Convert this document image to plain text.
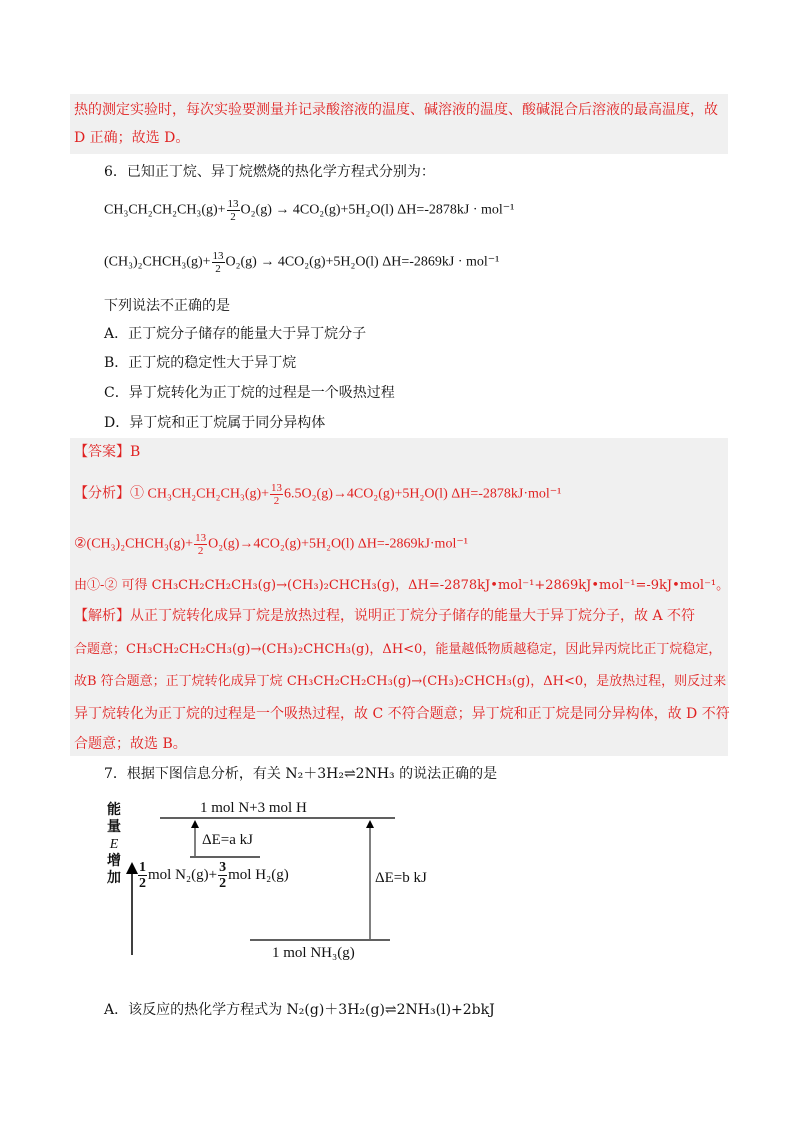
热的测定实验时，每次实验要测量并记录酸溶液的温度、碱溶液的温度、酸碱混合后溶液的最高温度，故
D 正确；故选 D。
6．已知正丁烷、异丁烷燃烧的热化学方程式分别为：
$CH_3CH_2CH_2CH_3(g)+ \frac{13}{2} O_2(g) \to 4CO_2(g)+5H_2O(l) \Delta H=-2878kJ \cdot mol^{-1}$
(CH₃)₂CHCH₃(g)+ $\frac{13}{2} O_2(g) \to 4CO_2(g)+5H_2O(l) \Delta H=-2869kJ \cdot mol^{-1}$
下列说法不正确的是
A．正丁烷分子储存的能量大于异丁烷分子
B．正丁烷的稳定性大于异丁烷
C．异丁烷转化为正丁烷的过程是一个吸热过程
D．异丁烷和正丁烷属于同分异构体
【答案】B
【分析】① $CH_3CH_2CH_2CH_3(g)+ \frac{13}{2} 6.5O_2(g)\to 4CO_2(g)+5H_2O(l)$ ΔH=-2878kJ·mol⁻¹
②(CH₃)₂CHCH₃(g)+ $\frac{13}{2} O_2(g)\to 4CO_2(g)+5H_2O(l)$ ΔH=-2869kJ·mol⁻¹
由①-② 可得 CH₃CH₂CH₂CH₃(g)→(CH₃)₂CHCH₃(g)，ΔH=-2878kJ•mol⁻¹+2869kJ•mol⁻¹=-9kJ•mol⁻¹。
【解析】从正丁烷转化成异丁烷是放热过程，说明正丁烷分子储存的能量大于异丁烷分子，故 A 不符
合题意；CH₃CH₂CH₂CH₃(g)→(CH₃)₂CHCH₃(g)，ΔH<0，能量越低物质越稳定，因此异丙烷比正丁烷稳定，
故B 符合题意；正丁烷转化成异丁烷 CH₃CH₂CH₂CH₃(g)→(CH₃)₂CHCH₃(g)，ΔH<0，是放热过程，则反过来
异丁烷转化为正丁烷的过程是一个吸热过程，故 C 不符合题意；异丁烷和正丁烷是同分异构体，故 D 不符
合题意；故选 B。
7．根据下图信息分析，有关 N₂＋3H₂⇌2NH₃ 的说法正确的是
能
量
E
增
加
1 mol N+3 mol H
ΔE=a kJ
$\frac{1}{2}$ mol $N_2(g)+ \frac{3}{2}$ mol H₂(g)	ΔE=b kJ
1 mol NH₃(g)
A．该反应的热化学方程式为 N₂(g)＋3H₂(g)⇌2NH₃(l)+2bkJ
